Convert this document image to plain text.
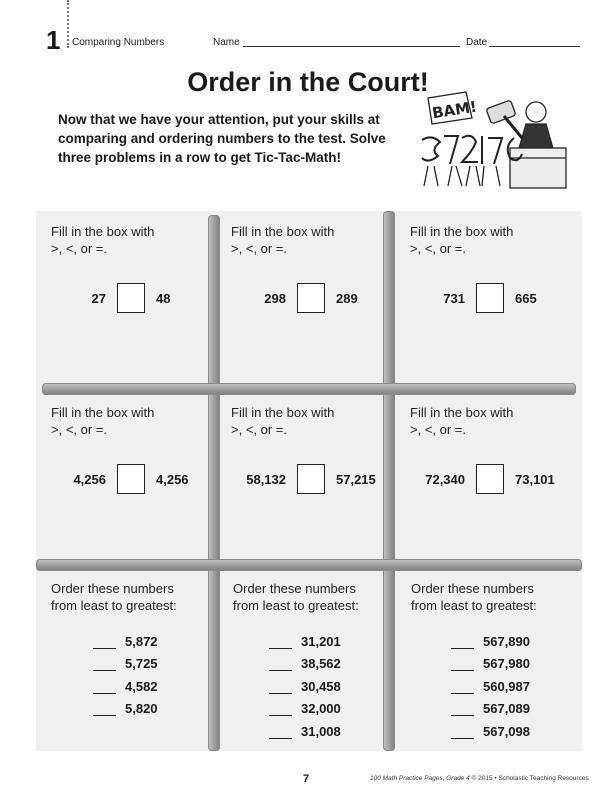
1 Comparing Numbers	Name	Date
Order in the Court!
Now that we have your attention, put your skills at comparing and ordering numbers to the test. Solve three problems in a row to get Tic-Tac-Math!
BAM!
Fill in the box with
>, <, or =.
27	48
Fill in the box with
>, <, or =.
298	289
Fill in the box with
>, <, or =.
731	665
Fill in the box with
>, <, or =.
4,256	4,256
Fill in the box with
>, <, or =.
58,132	57,215
Fill in the box with
>, <, or =.
72,340	73,101
Order these numbers
from least to greatest:
5,872
5,725
4,582
5,820
Order these numbers
from least to greatest:
31,201
38,562
30,458
32,000
31,008
Order these numbers
from least to greatest:
567,890
567,980
560,987
567,089
567,098
7	100 Math Practice Pages, Grade 4 © 2015 • Scholastic Teaching Resources
